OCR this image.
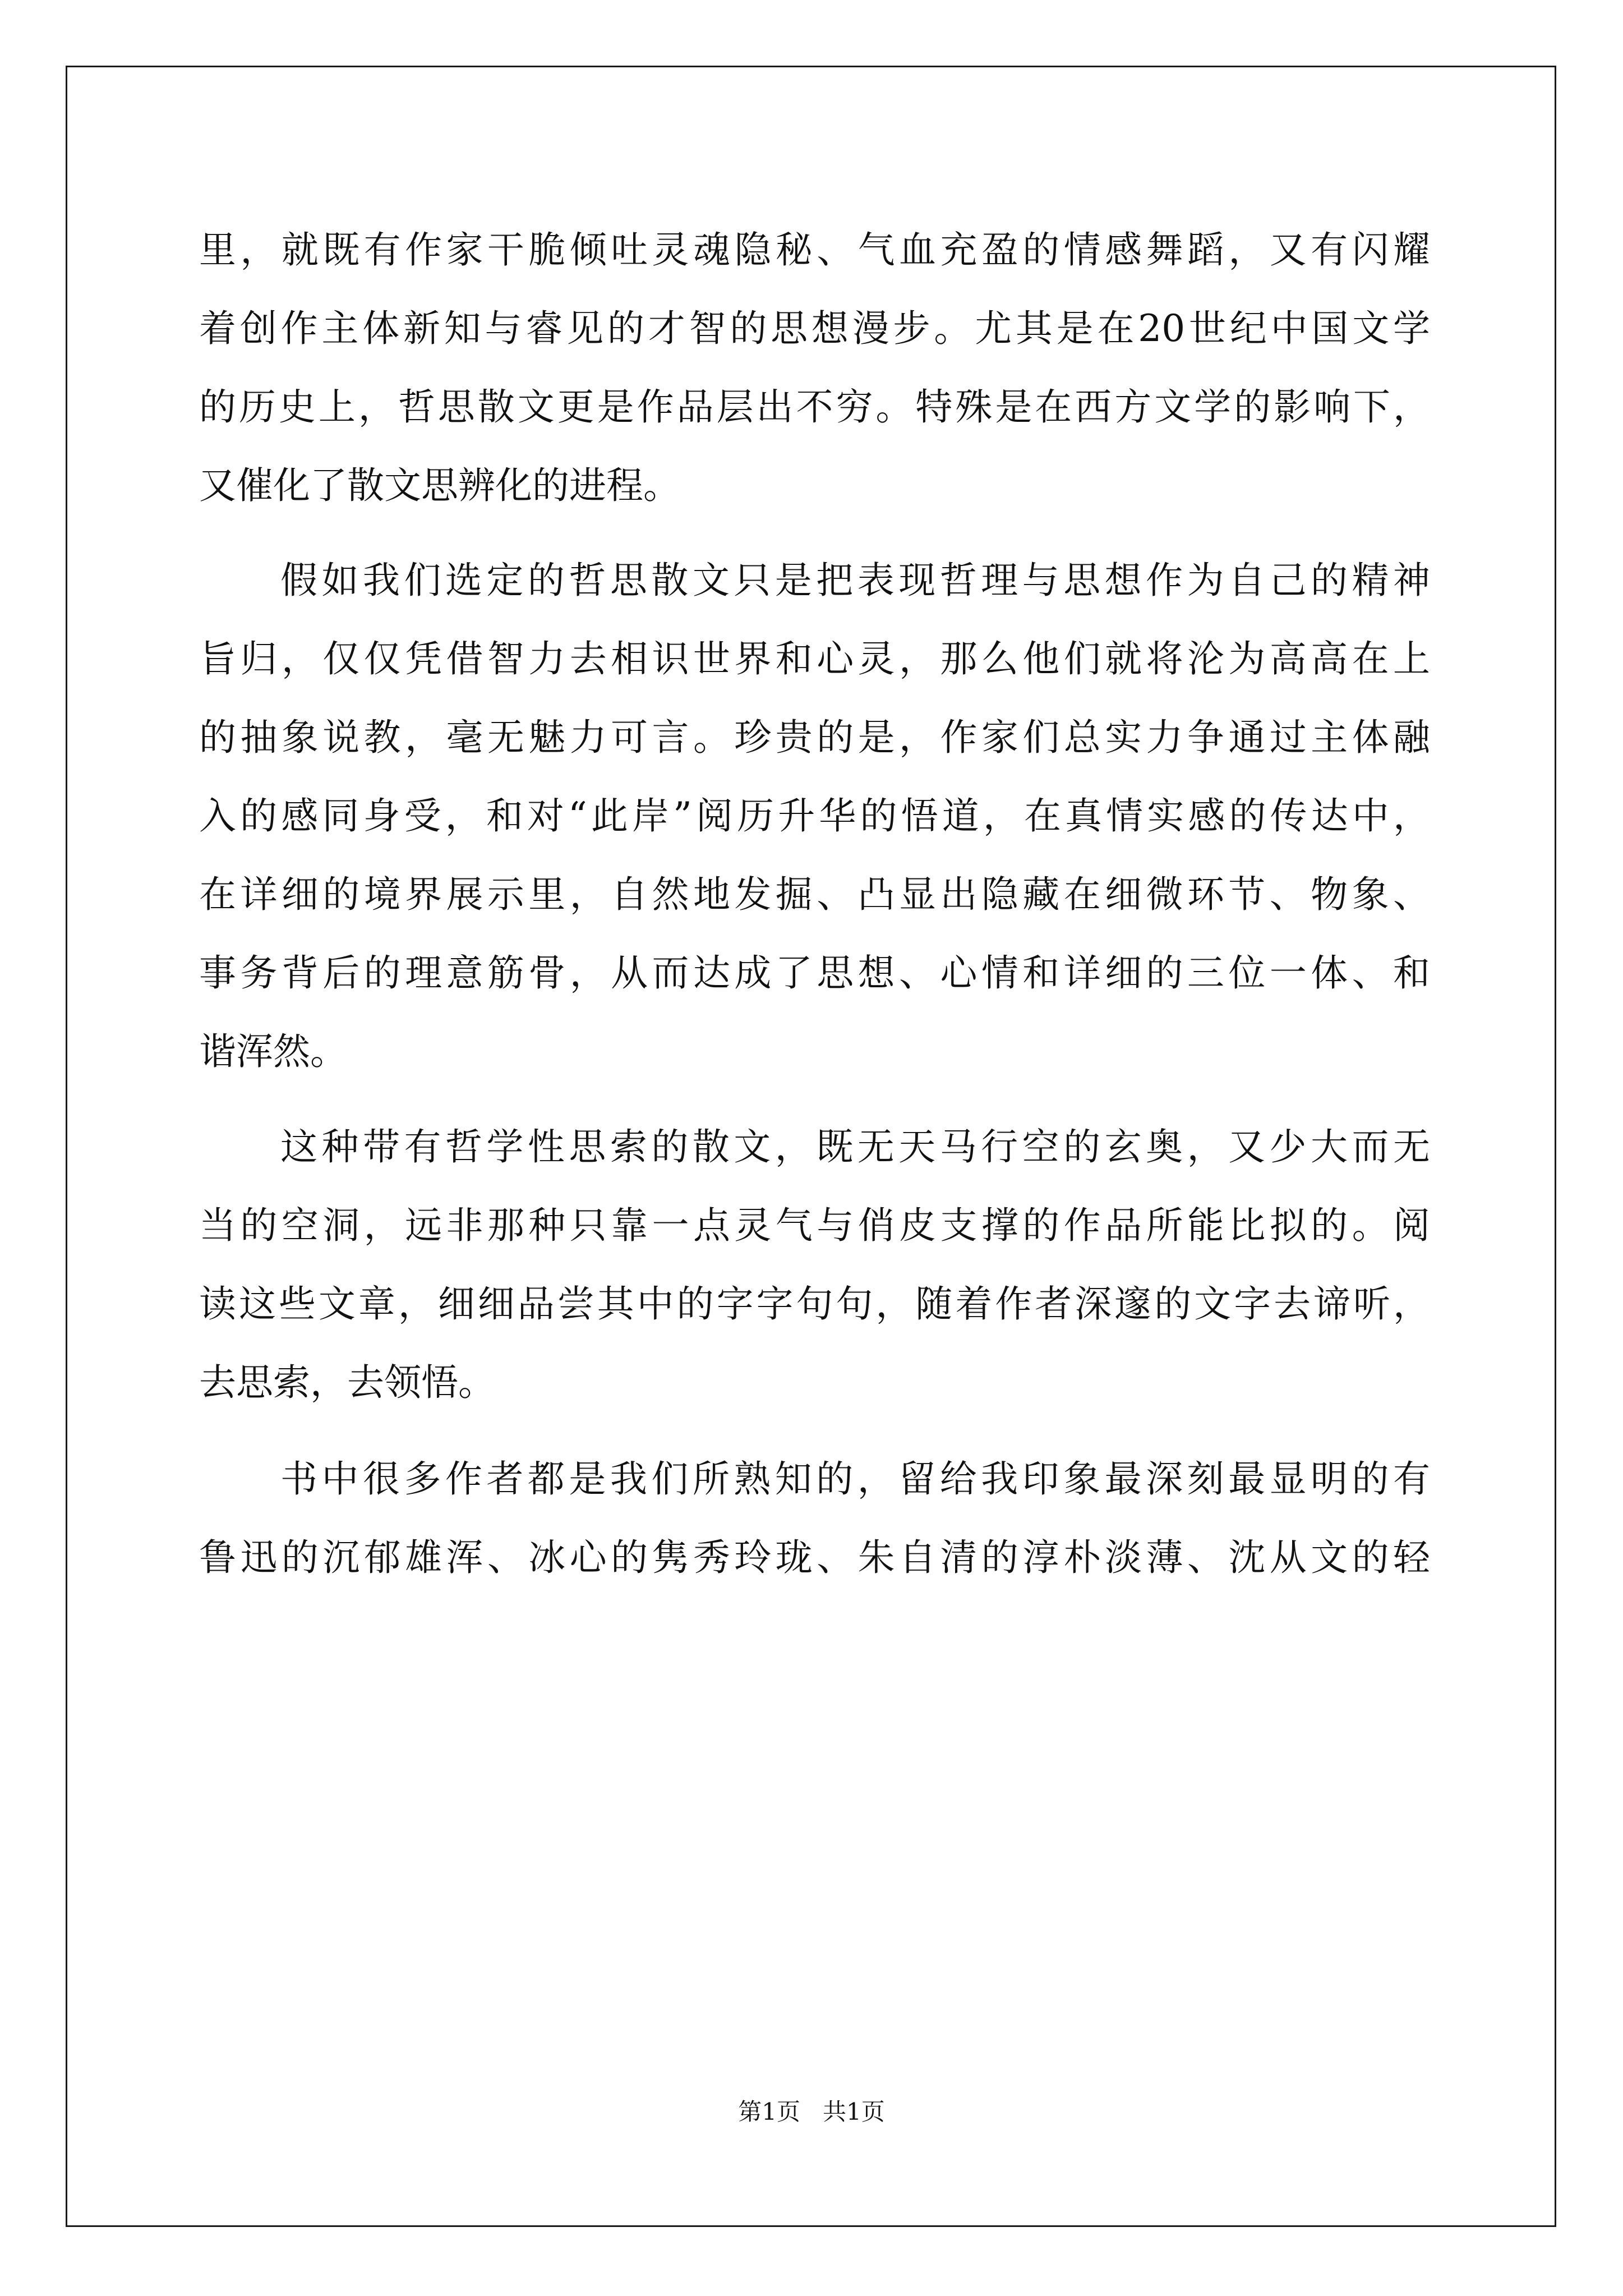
里，就既有作家干脆倾吐灵魂隐秘、气血充盈的情感舞蹈，又有闪耀
着创作主体新知与睿见的才智的思想漫步。尤其是在20世纪中国文学
的历史上，哲思散文更是作品层出不穷。特殊是在西方文学的影响下，
又催化了散文思辨化的进程。
假如我们选定的哲思散文只是把表现哲理与思想作为自己的精神
旨归，仅仅凭借智力去相识世界和心灵，那么他们就将沦为高高在上
的抽象说教，毫无魅力可言。珍贵的是，作家们总实力争通过主体融
入的感同身受，和对“此岸”阅历升华的悟道，在真情实感的传达中，
在详细的境界展示里，自然地发掘、凸显出隐藏在细微环节、物象、
事务背后的理意筋骨，从而达成了思想、心情和详细的三位一体、和
谐浑然。
这种带有哲学性思索的散文，既无天马行空的玄奥，又少大而无
当的空洞，远非那种只靠一点灵气与俏皮支撑的作品所能比拟的。阅
读这些文章，细细品尝其中的字字句句，随着作者深邃的文字去谛听，
去思索，去领悟。
书中很多作者都是我们所熟知的，留给我印象最深刻最显明的有
鲁迅的沉郁雄浑、冰心的隽秀玲珑、朱自清的淳朴淡薄、沈从文的轻
第1页   共1页
